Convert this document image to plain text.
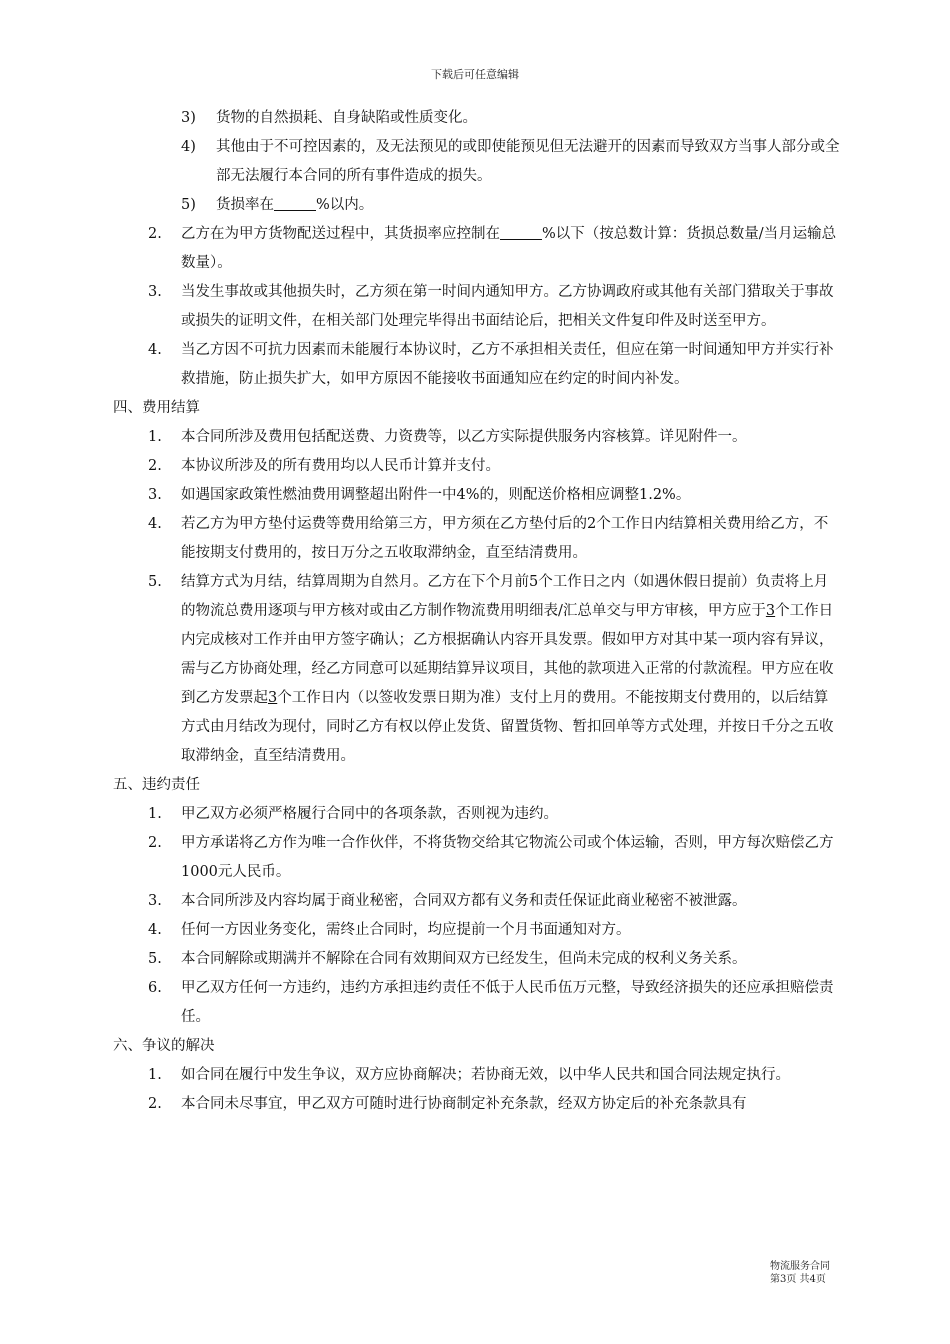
下载后可任意编辑
3) 货物的自然损耗、自身缺陷或性质变化。
4) 其他由于不可控因素的，及无法预见的或即使能预见但无法避开的因素而导致双方当事人部分或全部无法履行本合同的所有事件造成的损失。
5) 货损率在	%以内。
2. 乙方在为甲方货物配送过程中，其货损率应控制在	%以下（按总数计算：货损总数量/当月运输总数量）。
3. 当发生事故或其他损失时，乙方须在第一时间内通知甲方。乙方协调政府或其他有关部门猎取关于事故或损失的证明文件，在相关部门处理完毕得出书面结论后，把相关文件复印件及时送至甲方。
4. 当乙方因不可抗力因素而未能履行本协议时，乙方不承担相关责任，但应在第一时间通知甲方并实行补救措施，防止损失扩大，如甲方原因不能接收书面通知应在约定的时间内补发。
四、费用结算
1. 本合同所涉及费用包括配送费、力资费等，以乙方实际提供服务内容核算。详见附件一。
2. 本协议所涉及的所有费用均以人民币计算并支付。
3. 如遇国家政策性燃油费用调整超出附件一中4%的，则配送价格相应调整1.2%。
4. 若乙方为甲方垫付运费等费用给第三方，甲方须在乙方垫付后的2个工作日内结算相关费用给乙方，不能按期支付费用的，按日万分之五收取滞纳金，直至结清费用。
5. 结算方式为月结，结算周期为自然月。乙方在下个月前5个工作日之内（如遇休假日提前）负责将上月的物流总费用逐项与甲方核对或由乙方制作物流费用明细表/汇总单交与甲方审核，甲方应于3个工作日内完成核对工作并由甲方签字确认；乙方根据确认内容开具发票。假如甲方对其中某一项内容有异议，需与乙方协商处理，经乙方同意可以延期结算异议项目，其他的款项进入正常的付款流程。甲方应在收到乙方发票起3个工作日内（以签收发票日期为准）支付上月的费用。不能按期支付费用的，以后结算方式由月结改为现付，同时乙方有权以停止发货、留置货物、暂扣回单等方式处理，并按日千分之五收取滞纳金，直至结清费用。
五、违约责任
1. 甲乙双方必须严格履行合同中的各项条款，否则视为违约。
2. 甲方承诺将乙方作为唯一合作伙伴，不将货物交给其它物流公司或个体运输，否则，甲方每次赔偿乙方1000元人民币。
3. 本合同所涉及内容均属于商业秘密，合同双方都有义务和责任保证此商业秘密不被泄露。
4. 任何一方因业务变化，需终止合同时，均应提前一个月书面通知对方。
5. 本合同解除或期满并不解除在合同有效期间双方已经发生，但尚未完成的权利义务关系。
6. 甲乙双方任何一方违约，违约方承担违约责任不低于人民币伍万元整，导致经济损失的还应承担赔偿责任。
六、争议的解决
1. 如合同在履行中发生争议，双方应协商解决；若协商无效，以中华人民共和国合同法规定执行。
2. 本合同未尽事宜，甲乙双方可随时进行协商制定补充条款，经双方协定后的补充条款具有
物流服务合同
第3页 共4页
